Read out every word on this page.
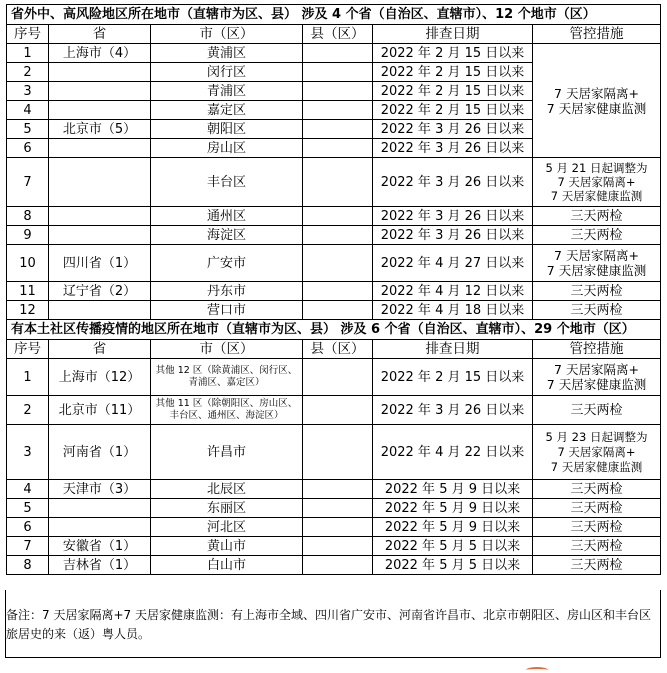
省外中、高风险地区所在地市（直辖市为区、县） 涉及 4 个省（自治区、直辖市）、12 个地市（区）					
序号	省	市（区）	县（区）	排查日期	管控措施
1	上海市（4）	黄浦区		2022 年 2 月 15 日以来	7 天居家隔离+
7 天居家健康监测
2		闵行区		2022 年 2 月 15 日以来	
3		青浦区		2022 年 2 月 15 日以来	
4		嘉定区		2022 年 2 月 15 日以来	
5	北京市（5）	朝阳区		2022 年 3 月 26 日以来	
6		房山区		2022 年 3 月 26 日以来	
7		丰台区		2022 年 3 月 26 日以来	5 月 21 日起调整为
7 天居家隔离+
7 天居家健康监测
8		通州区		2022 年 3 月 26 日以来	三天两检
9		海淀区		2022 年 3 月 26 日以来	三天两检
10	四川省（1）	广安市		2022 年 4 月 27 日以来	7 天居家隔离+
7 天居家健康监测
11	辽宁省（2）	丹东市		2022 年 4 月 12 日以来	三天两检
12		营口市		2022 年 4 月 18 日以来	三天两检
有本土社区传播疫情的地区所在地市（直辖市为区、县） 涉及 6 个省（自治区、直辖市）、29 个地市（区）					
序号	省	市（区）	县（区）	排查日期	管控措施
1	上海市（12）	其他 12 区（除黄浦区、闵行区、青浦区、嘉定区）		2022 年 2 月 15 日以来	7 天居家隔离+
7 天居家健康监测
2	北京市（11）	其他 11 区（除朝阳区、房山区、丰台区、通州区、海淀区）		2022 年 3 月 26 日以来	三天两检
3	河南省（1）	许昌市		2022 年 4 月 22 日以来	5 月 23 日起调整为
7 天居家隔离+
7 天居家健康监测
4	天津市（3）	北辰区		2022 年 5 月 9 日以来	三天两检
5		东丽区		2022 年 5 月 9 日以来	三天两检
6		河北区		2022 年 5 月 9 日以来	三天两检
7	安徽省（1）	黄山市		2022 年 5 月 5 日以来	三天两检
8	吉林省（1）	白山市		2022 年 5 月 5 日以来	三天两检
备注：7 天居家隔离+7 天居家健康监测：有上海市全域、四川省广安市、河南省许昌市、北京市朝阳区、房山区和丰台区旅居史的来（返）粤人员。
